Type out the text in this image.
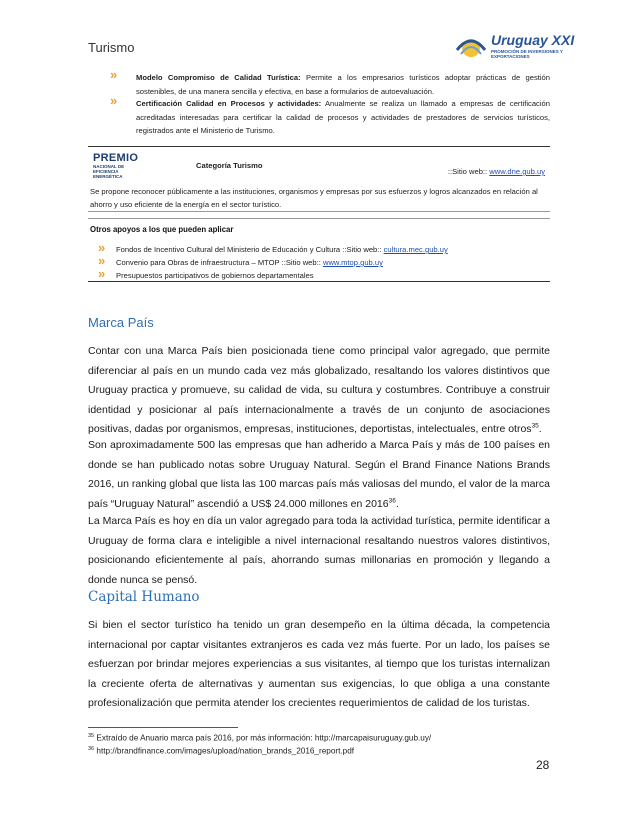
Turismo	Uruguay XXI
PROMOCIÓN DE INVERSIONES Y EXPORTACIONES
» Modelo Compromiso de Calidad Turística: Permite a los empresarios turísticos adoptar prácticas de gestión sostenibles, de una manera sencilla y efectiva, en base a formularios de autoevaluación.
» Certificación Calidad en Procesos y actividades: Anualmente se realiza un llamado a empresas de certificación acreditadas interesadas para certificar la calidad de procesos y actividades de prestadores de servicios turísticos, registrados ante el Ministerio de Turismo.
PREMIO
NACIONAL DE EFICIENCIA ENERGÉTICA
Categoría Turismo
::Sitio web:: www.dne.gub.uy
Se propone reconocer públicamente a las instituciones, organismos y empresas por sus esfuerzos y logros alcanzados en relación al ahorro y uso eficiente de la energía en el sector turístico.
Otros apoyos a los que pueden aplicar
» Fondos de Incentivo Cultural del Ministerio de Educación y Cultura ::Sitio web:: cultura.mec.gub.uy
» Convenio para Obras de infraestructura – MTOP ::Sitio web:: www.mtop.gub.uy
» Presupuestos participativos de gobiernos departamentales
Marca País
Contar con una Marca País bien posicionada tiene como principal valor agregado, que permite diferenciar al país en un mundo cada vez más globalizado, resaltando los valores distintivos que Uruguay practica y promueve, su calidad de vida, su cultura y costumbres. Contribuye a construir identidad y posicionar al país internacionalmente a través de un conjunto de asociaciones positivas, dadas por organismos, empresas, instituciones, deportistas, intelectuales, entre otros$^{35}$.
Son aproximadamente 500 las empresas que han adherido a Marca País y más de 100 países en donde se han publicado notas sobre Uruguay Natural. Según el Brand Finance Nations Brands 2016, un ranking global que lista las 100 marcas país más valiosas del mundo, el valor de la marca país “Uruguay Natural” ascendió a US$ 24.000 millones en 2016$^{36}$.
La Marca País es hoy en día un valor agregado para toda la actividad turística, permite identificar a Uruguay de forma clara e inteligible a nivel internacional resaltando nuestros valores distintivos, posicionando eficientemente al país, ahorrando sumas millonarias en promoción y llegando a donde nunca se pensó.
Capital Humano
Si bien el sector turístico ha tenido un gran desempeño en la última década, la competencia internacional por captar visitantes extranjeros es cada vez más fuerte. Por un lado, los países se esfuerzan por brindar mejores experiencias a sus visitantes, al tiempo que los turistas internalizan la creciente oferta de alternativas y aumentan sus exigencias, lo que obliga a una constante profesionalización que permita atender los crecientes requerimientos de calidad de los turistas.
$^{35}$ Extraído de Anuario marca país 2016, por más información: http://marcapaisuruguay.gub.uy/
$^{36}$ http://brandfinance.com/images/upload/nation_brands_2016_report.pdf
28
